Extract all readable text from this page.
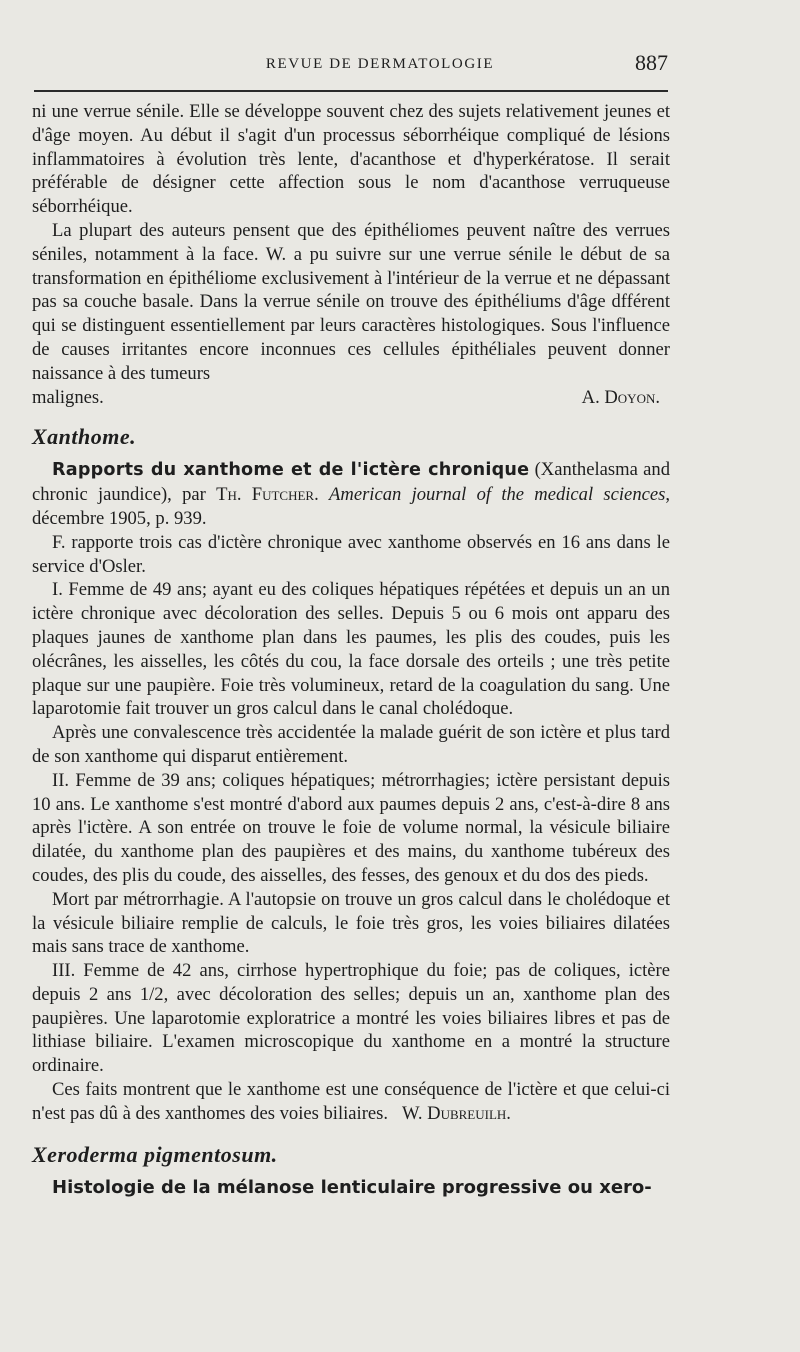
REVUE DE DERMATOLOGIE	887

ni une verrue sénile. Elle se développe souvent chez des sujets relativement jeunes et d'âge moyen. Au début il s'agit d'un processus séborrhéique compliqué de lésions inflammatoires à évolution très lente, d'acanthose et d'hyperkératose. Il serait préférable de désigner cette affection sous le nom d'acanthose verruqueuse séborrhéique.

La plupart des auteurs pensent que des épithéliomes peuvent naître des verrues séniles, notamment à la face. W. a pu suivre sur une verrue sénile le début de sa transformation en épithéliome exclusivement à l'intérieur de la verrue et ne dépassant pas sa couche basale. Dans la verrue sénile on trouve des épithéliums d'âge dfférent qui se distinguent essentiellement par leurs caractères histologiques. Sous l'influence de causes irritantes encore inconnues ces cellules épithéliales peuvent donner naissance à des tumeurs

malignes.	A. Doyon.

Xanthome.

Rapports du xanthome et de l'ictère chronique (Xanthelasma and chronic jaundice), par Th. Futcher. American journal of the medical sciences, décembre 1905, p. 939.

F. rapporte trois cas d'ictère chronique avec xanthome observés en 16 ans dans le service d'Osler.

I. Femme de 49 ans; ayant eu des coliques hépatiques répétées et depuis un an un ictère chronique avec décoloration des selles. Depuis 5 ou 6 mois ont apparu des plaques jaunes de xanthome plan dans les paumes, les plis des coudes, puis les olécrânes, les aisselles, les côtés du cou, la face dorsale des orteils ; une très petite plaque sur une paupière. Foie très volumineux, retard de la coagulation du sang. Une laparotomie fait trouver un gros calcul dans le canal cholédoque.

Après une convalescence très accidentée la malade guérit de son ictère et plus tard de son xanthome qui disparut entièrement.

II. Femme de 39 ans; coliques hépatiques; métrorrhagies; ictère persistant depuis 10 ans. Le xanthome s'est montré d'abord aux paumes depuis 2 ans, c'est-à-dire 8 ans après l'ictère. A son entrée on trouve le foie de volume normal, la vésicule biliaire dilatée, du xanthome plan des paupières et des mains, du xanthome tubéreux des coudes, des plis du coude, des aisselles, des fesses, des genoux et du dos des pieds.

Mort par métrorrhagie. A l'autopsie on trouve un gros calcul dans le cholédoque et la vésicule biliaire remplie de calculs, le foie très gros, les voies biliaires dilatées mais sans trace de xanthome.

III. Femme de 42 ans, cirrhose hypertrophique du foie; pas de coliques, ictère depuis 2 ans 1/2, avec décoloration des selles; depuis un an, xanthome plan des paupières. Une laparotomie exploratrice a montré les voies biliaires libres et pas de lithiase biliaire. L'examen microscopique du xanthome en a montré la structure ordinaire.

Ces faits montrent que le xanthome est une conséquence de l'ictère et que celui-ci n'est pas dû à des xanthomes des voies biliaires. W. Dubreuilh.

Xeroderma pigmentosum.
Histologie de la mélanose lenticulaire progressive ou xero-
